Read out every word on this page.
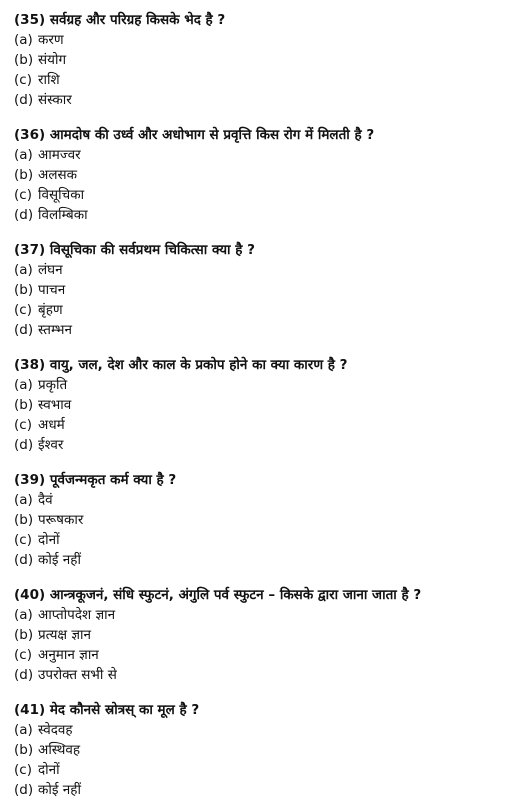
(35) सर्वग्रह और परिग्रह किसके भेद है ?
(a) करण
(b) संयोग
(c) राशि
(d) संस्कार
(36) आमदोष की उर्ध्व और अधोभाग से प्रवृत्ति किस रोग में मिलती है ?
(a) आमज्वर
(b) अलसक
(c) विसूचिका
(d) विलम्बिका
(37) विसूचिका की सर्वप्रथम चिकित्सा क्या है ?
(a) लंघन
(b) पाचन
(c) बृंहण
(d) स्तम्भन
(38) वायु, जल, देश और काल के प्रकोप होने का क्या कारण है ?
(a) प्रकृति
(b) स्वभाव
(c) अधर्म
(d) ईश्वर
(39) पूर्वजन्मकृत कर्म क्या है ?
(a) दैवं
(b) परूषकार
(c) दोनों
(d) कोई नहीं
(40) आन्त्रकूजनं, संधि स्फुटनं, अंगुलि पर्व स्फुटन – किसके द्वारा जाना जाता है ?
(a) आप्तोपदेश ज्ञान
(b) प्रत्यक्ष ज्ञान
(c) अनुमान ज्ञान
(d) उपरोक्त सभी से
(41) मेद कौनसे स्रोत्रस् का मूल है ?
(a) स्वेदवह
(b) अस्थिवह
(c) दोनों
(d) कोई नहीं
